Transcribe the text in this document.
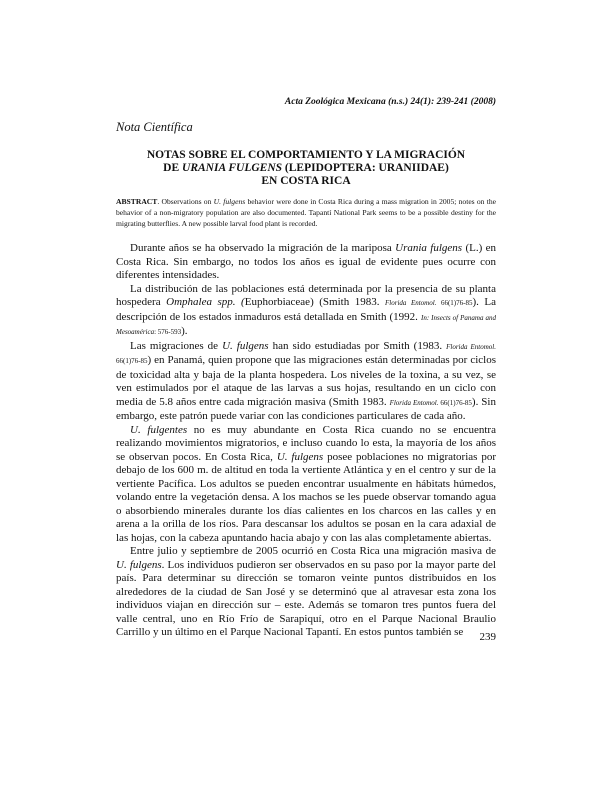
Acta Zoológica Mexicana (n.s.) 24(1): 239-241 (2008)
Nota Científica
NOTAS SOBRE EL COMPORTAMIENTO Y LA MIGRACIÓN
DE URANIA FULGENS (LEPIDOPTERA: URANIIDAE)
EN COSTA RICA
ABSTRACT. Observations on U. fulgens behavior were done in Costa Rica during a mass migration in 2005; notes on the behavior of a non-migratory population are also documented. Tapantí National Park seems to be a possible destiny for the migrating butterflies. A new possible larval food plant is recorded.

Durante años se ha observado la migración de la mariposa Urania fulgens (L.) en Costa Rica. Sin embargo, no todos los años es igual de evidente pues ocurre con diferentes intensidades.

La distribución de las poblaciones está determinada por la presencia de su planta hospedera Omphalea spp. (Euphorbiaceae) (Smith 1983. Florida Entomol. 66(1)76-85). La descripción de los estados inmaduros está detallada en Smith (1992. In: Insects of Panama and Mesoamérica: 576-593).

Las migraciones de U. fulgens han sido estudiadas por Smith (1983. Florida Entomol. 66(1)76-85) en Panamá, quien propone que las migraciones están determinadas por ciclos de toxicidad alta y baja de la planta hospedera. Los niveles de la toxina, a su vez, se ven estimulados por el ataque de las larvas a sus hojas, resultando en un ciclo con media de 5.8 años entre cada migración masiva (Smith 1983. Florida Entomol. 66(1)76-85). Sin embargo, este patrón puede variar con las condiciones particulares de cada año.

U. fulgentes no es muy abundante en Costa Rica cuando no se encuentra realizando movimientos migratorios, e incluso cuando lo esta, la mayoría de los años se observan pocos. En Costa Rica, U. fulgens posee poblaciones no migratorias por debajo de los 600 m. de altitud en toda la vertiente Atlántica y en el centro y sur de la vertiente Pacífica. Los adultos se pueden encontrar usualmente en hábitats húmedos, volando entre la vegetación densa. A los machos se les puede observar tomando agua o absorbiendo minerales durante los días calientes en los charcos en las calles y en arena a la orilla de los ríos. Para descansar los adultos se posan en la cara adaxial de las hojas, con la cabeza apuntando hacia abajo y con las alas completamente abiertas.

Entre julio y septiembre de 2005 ocurrió en Costa Rica una migración masiva de U. fulgens. Los individuos pudieron ser observados en su paso por la mayor parte del país. Para determinar su dirección se tomaron veinte puntos distribuidos en los alrededores de la ciudad de San José y se determinó que al atravesar esta zona los individuos viajan en dirección sur – este. Además se tomaron tres puntos fuera del valle central, uno en Río Frío de Sarapiquí, otro en el Parque Nacional Braulio Carrillo y un último en el Parque Nacional Tapantí. En estos puntos también se	239
